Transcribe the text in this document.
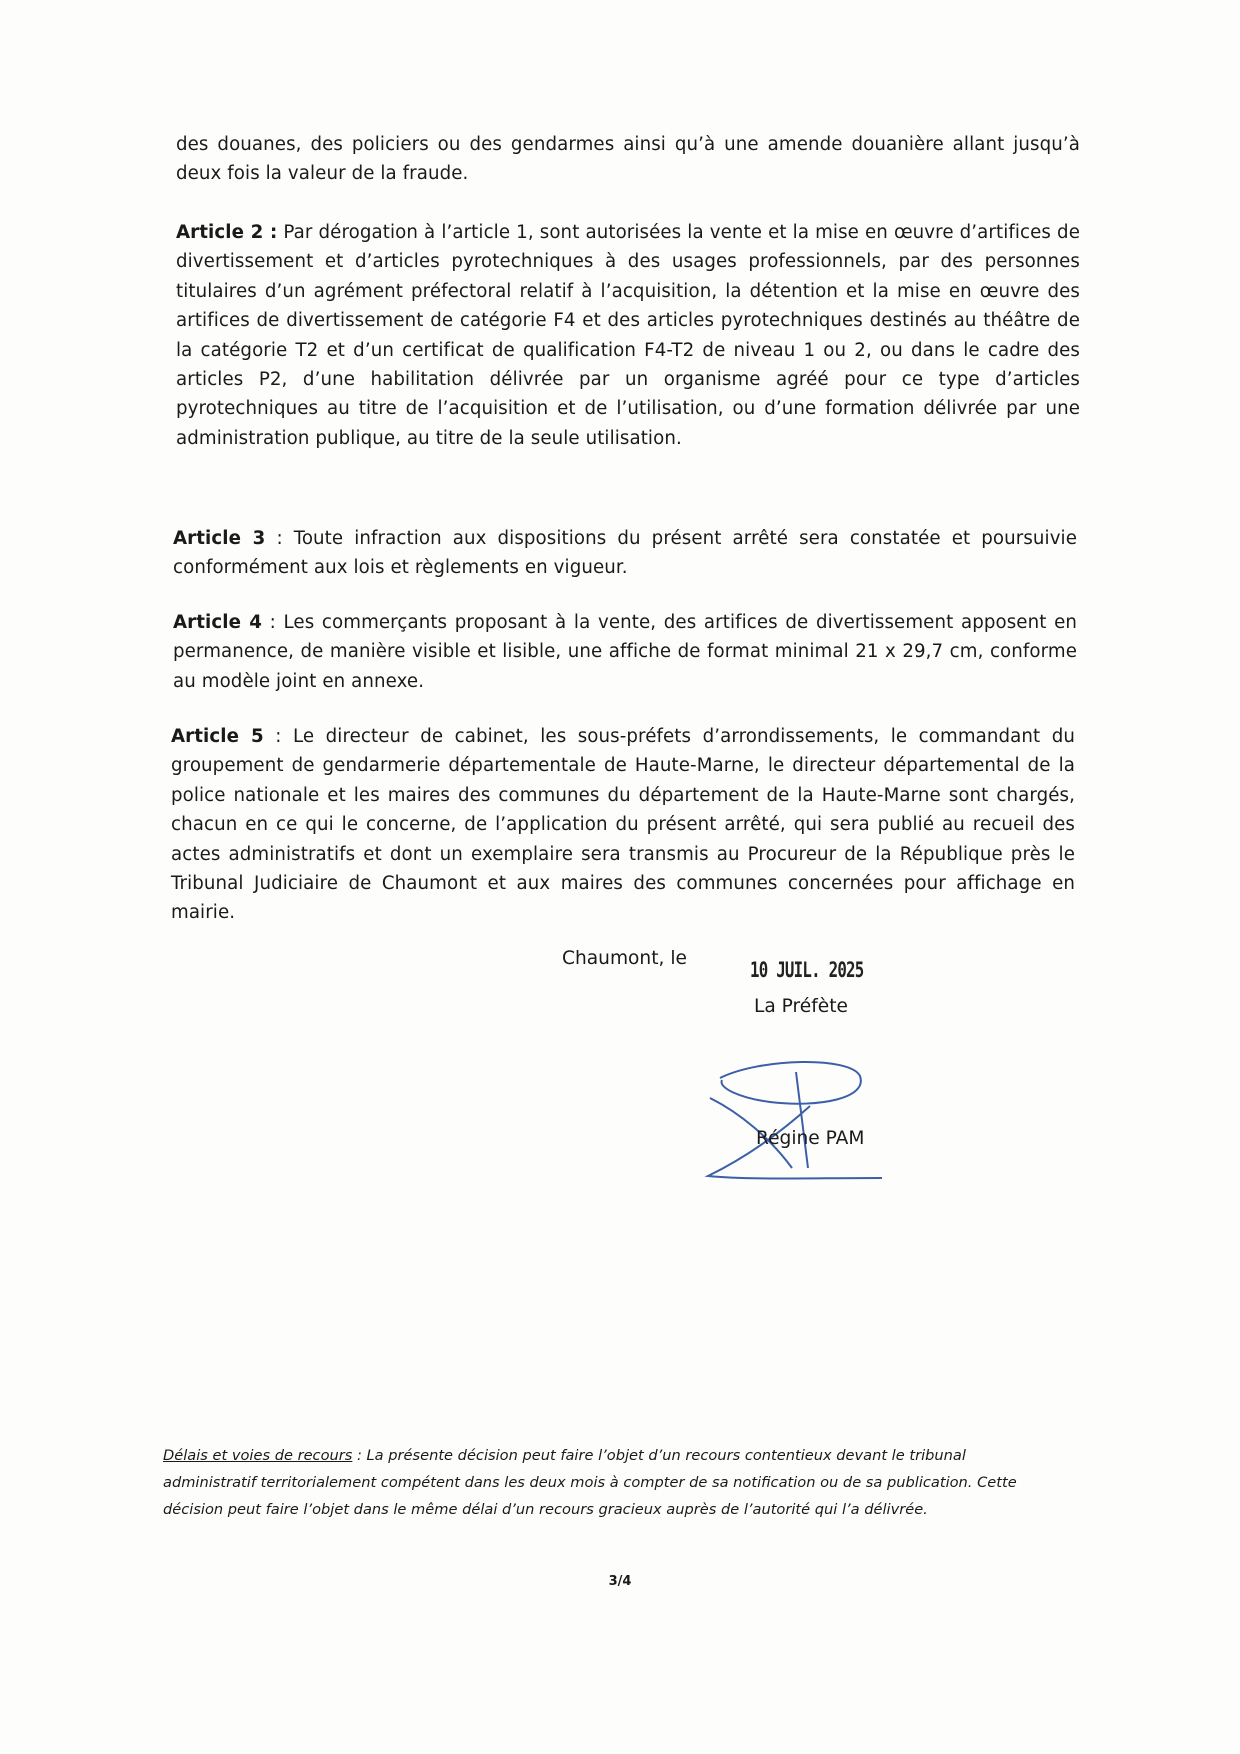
des douanes, des policiers ou des gendarmes ainsi qu’à une amende douanière allant jusqu’à deux fois la valeur de la fraude.

Article 2 : Par dérogation à l’article 1, sont autorisées la vente et la mise en œuvre d’artifices de divertissement et d’articles pyrotechniques à des usages professionnels, par des personnes titulaires d’un agrément préfectoral relatif à l’acquisition, la détention et la mise en œuvre des artifices de divertissement de catégorie F4 et des articles pyrotechniques destinés au théâtre de la catégorie T2 et d’un certificat de qualification F4-T2 de niveau 1 ou 2, ou dans le cadre des articles P2, d’une habilitation délivrée par un organisme agréé pour ce type d’articles pyrotechniques au titre de l’acquisition et de l’utilisation, ou d’une formation délivrée par une administration publique, au titre de la seule utilisation.

Article 3 : Toute infraction aux dispositions du présent arrêté sera constatée et poursuivie conformément aux lois et règlements en vigueur.

Article 4 : Les commerçants proposant à la vente, des artifices de divertissement apposent en permanence, de manière visible et lisible, une affiche de format minimal 21 x 29,7 cm, conforme au modèle joint en annexe.

Article 5 : Le directeur de cabinet, les sous-préfets d’arrondissements, le commandant du groupement de gendarmerie départementale de Haute-Marne, le directeur départemental de la police nationale et les maires des communes du département de la Haute-Marne sont chargés, chacun en ce qui le concerne, de l’application du présent arrêté, qui sera publié au recueil des actes administratifs et dont un exemplaire sera transmis au Procureur de la République près le Tribunal Judiciaire de Chaumont et aux maires des communes concernées pour affichage en mairie.

Chaumont, le	10 JUIL. 2025
La Préfète
Régine PAM

Délais et voies de recours : La présente décision peut faire l’objet d’un recours contentieux devant le tribunal administratif territorialement compétent dans les deux mois à compter de sa notification ou de sa publication. Cette décision peut faire l’objet dans le même délai d’un recours gracieux auprès de l’autorité qui l’a délivrée.

3/4
